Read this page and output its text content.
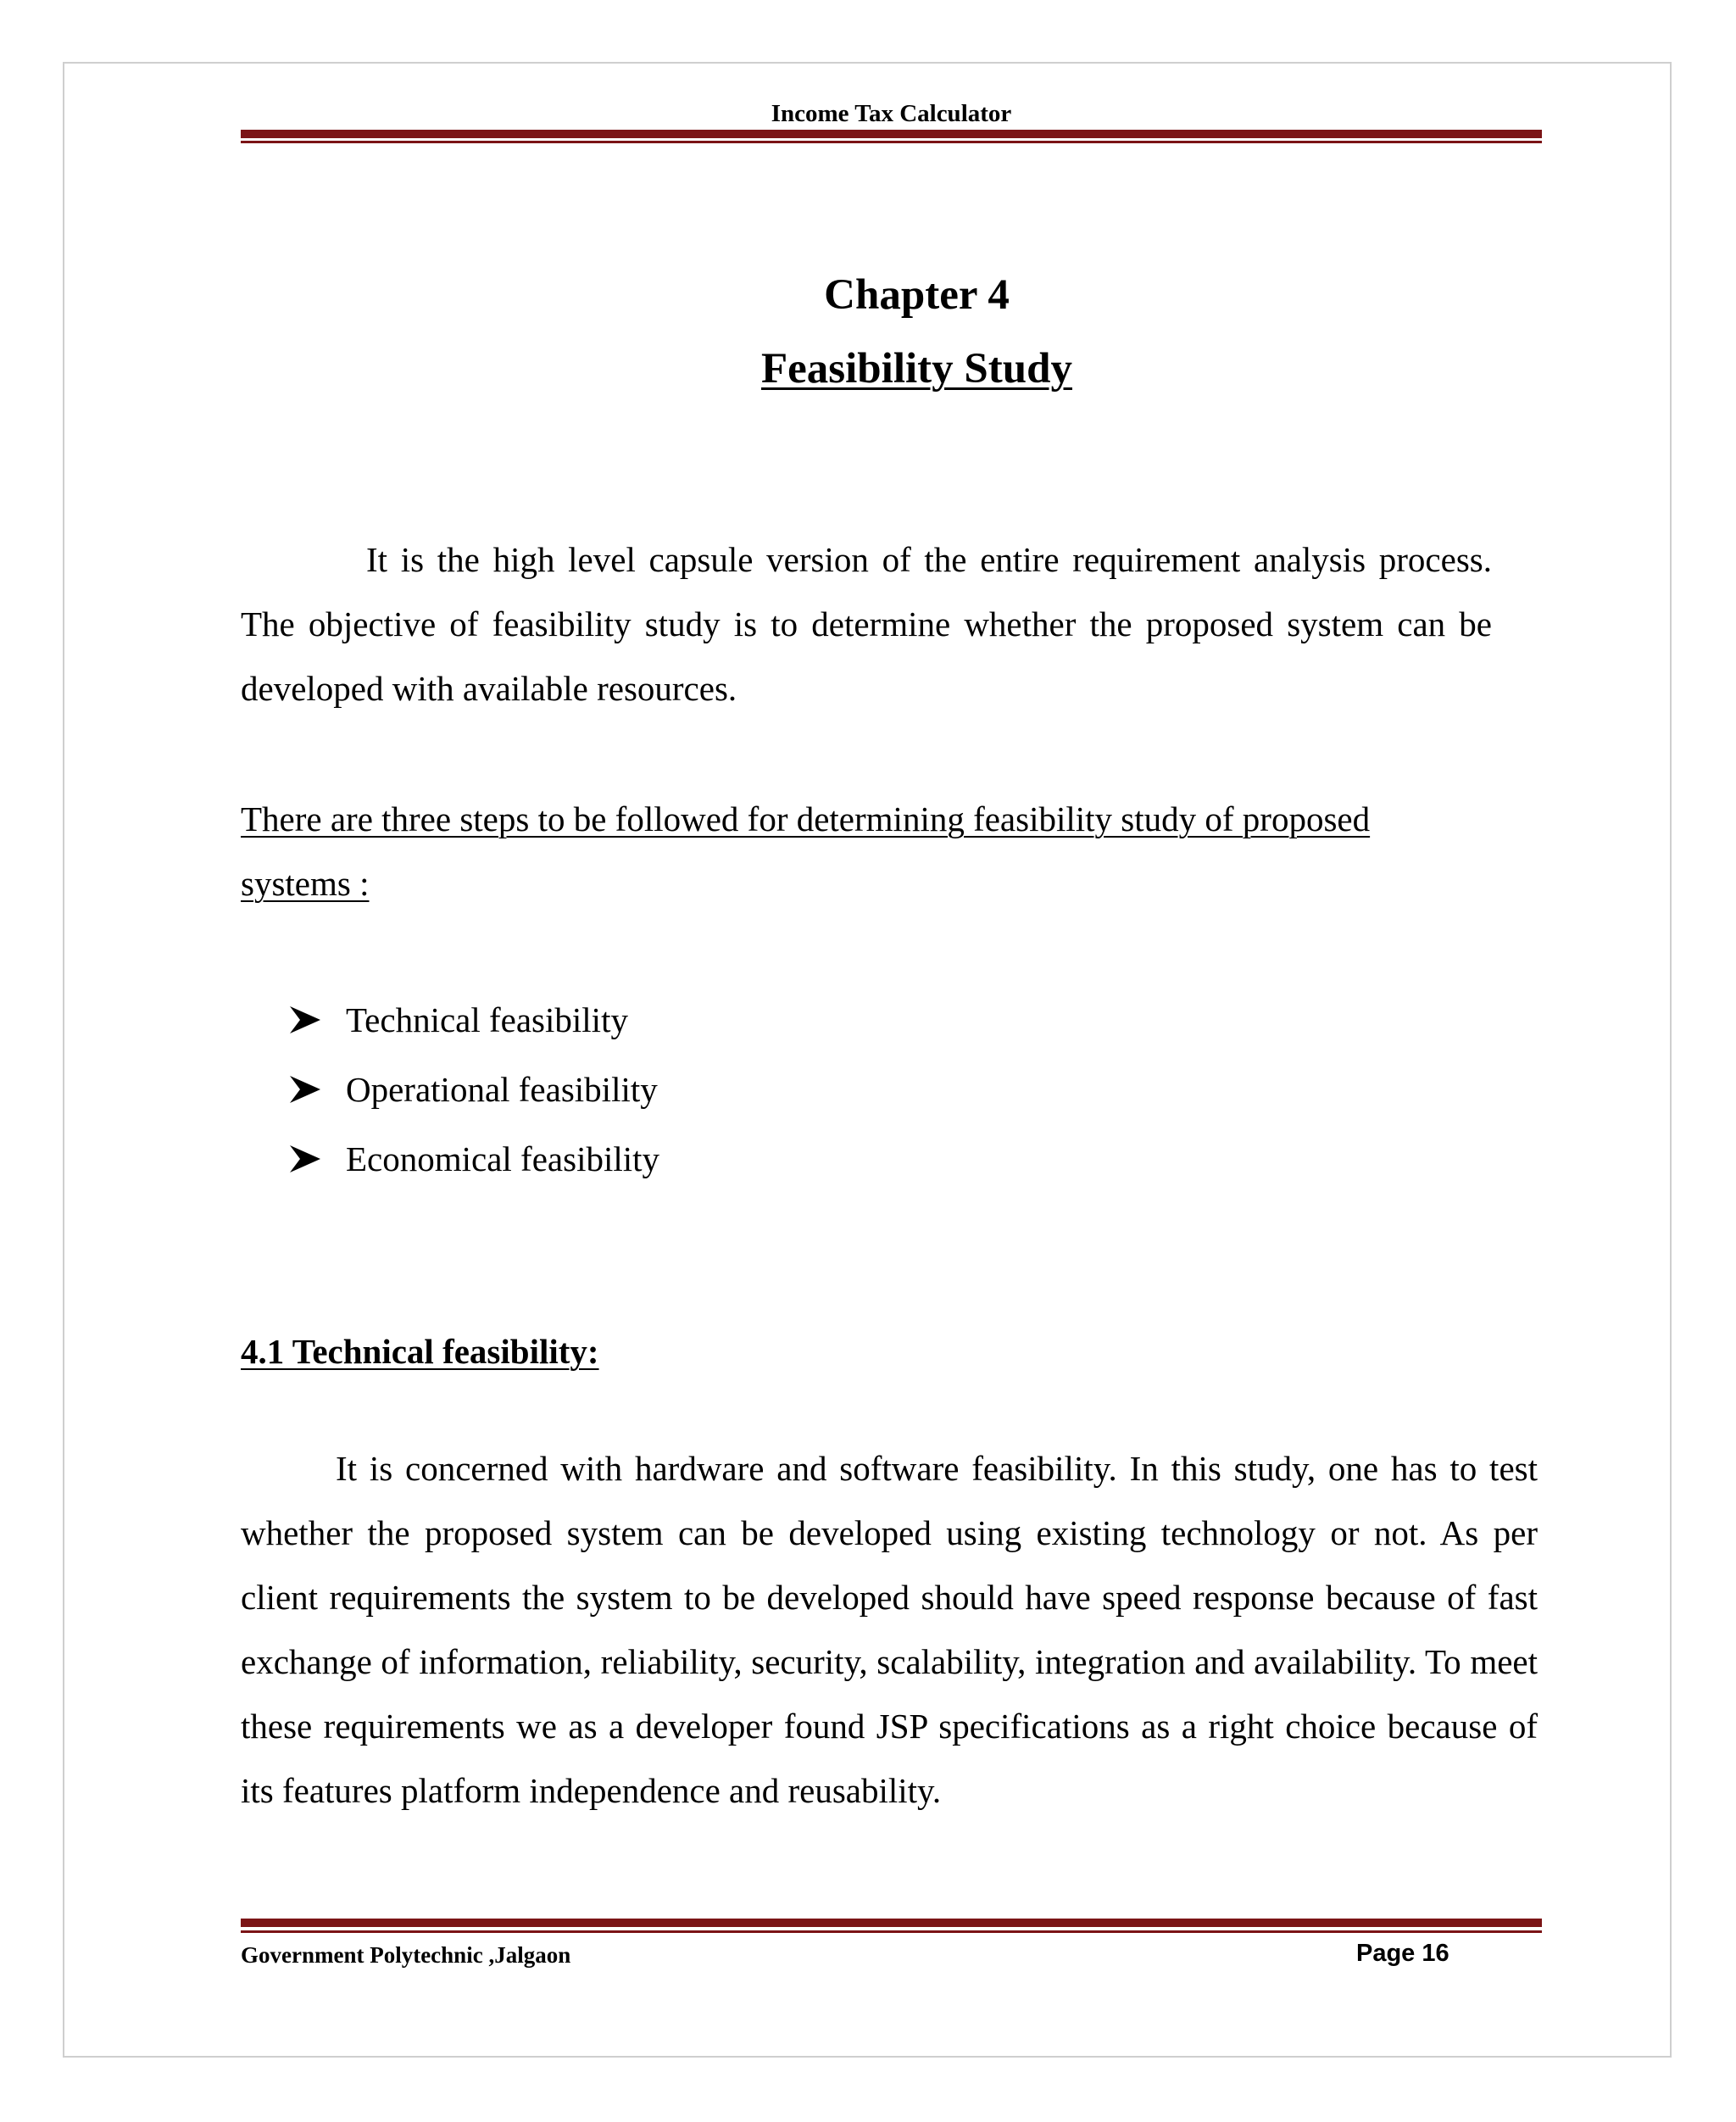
Income Tax Calculator
Chapter 4
Feasibility Study

It is the high level capsule version of the entire requirement analysis process. The objective of feasibility study is to determine whether the proposed system can be developed with available resources.

There are three steps to be followed for determining feasibility study of proposed systems :

Technical feasibility
Operational feasibility
Economical feasibility
4.1 Technical feasibility:

It is concerned with hardware and software feasibility. In this study, one has to test whether the proposed system can be developed using existing technology or not. As per client requirements the system to be developed should have speed response because of fast exchange of information, reliability, security, scalability, integration and availability. To meet these requirements we as a developer found JSP specifications as a right choice because of its features platform independence and reusability.

Government Polytechnic ,Jalgaon	Page 16
